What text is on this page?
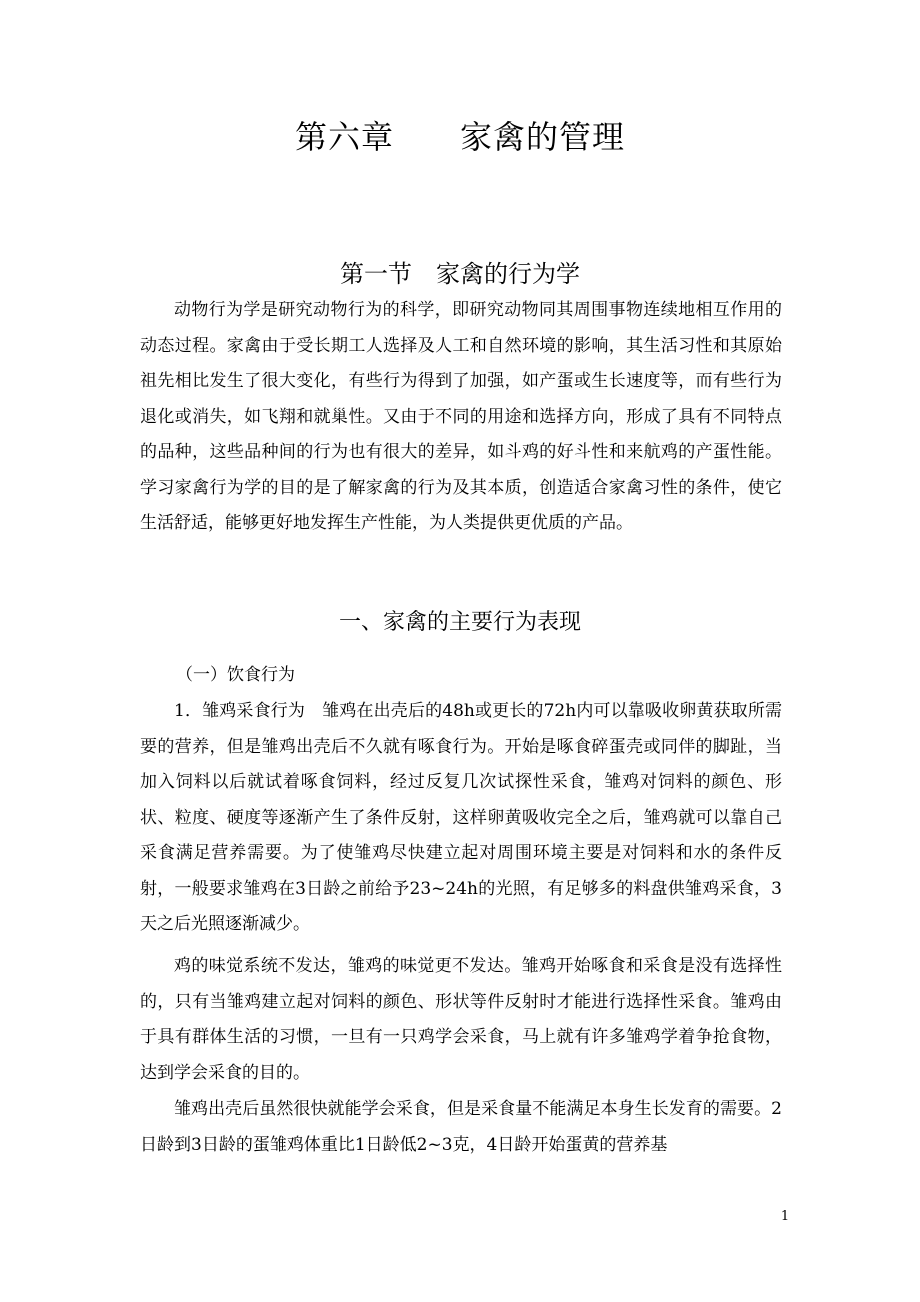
第六章　　家禽的管理
第一节　家禽的行为学

动物行为学是研究动物行为的科学，即研究动物同其周围事物连续地相互作用的动态过程。家禽由于受长期工人选择及人工和自然环境的影响，其生活习性和其原始祖先相比发生了很大变化，有些行为得到了加强，如产蛋或生长速度等，而有些行为退化或消失，如飞翔和就巢性。又由于不同的用途和选择方向，形成了具有不同特点的品种，这些品种间的行为也有很大的差异，如斗鸡的好斗性和来航鸡的产蛋性能。学习家禽行为学的目的是了解家禽的行为及其本质，创造适合家禽习性的条件，使它生活舒适，能够更好地发挥生产性能，为人类提供更优质的产品。

一、家禽的主要行为表现

（一）饮食行为

1．雏鸡采食行为　雏鸡在出壳后的48h或更长的72h内可以靠吸收卵黄获取所需要的营养，但是雏鸡出壳后不久就有啄食行为。开始是啄食碎蛋壳或同伴的脚趾，当加入饲料以后就试着啄食饲料，经过反复几次试探性采食，雏鸡对饲料的颜色、形状、粒度、硬度等逐渐产生了条件反射，这样卵黄吸收完全之后，雏鸡就可以靠自己采食满足营养需要。为了使雏鸡尽快建立起对周围环境主要是对饲料和水的条件反射，一般要求雏鸡在3日龄之前给予23~24h的光照，有足够多的料盘供雏鸡采食，3天之后光照逐渐减少。

鸡的味觉系统不发达，雏鸡的味觉更不发达。雏鸡开始啄食和采食是没有选择性的，只有当雏鸡建立起对饲料的颜色、形状等件反射时才能进行选择性采食。雏鸡由于具有群体生活的习惯，一旦有一只鸡学会采食，马上就有许多雏鸡学着争抢食物，达到学会采食的目的。

雏鸡出壳后虽然很快就能学会采食，但是采食量不能满足本身生长发育的需要。2日龄到3日龄的蛋雏鸡体重比1日龄低2~3克，4日龄开始蛋黄的营养基

1
